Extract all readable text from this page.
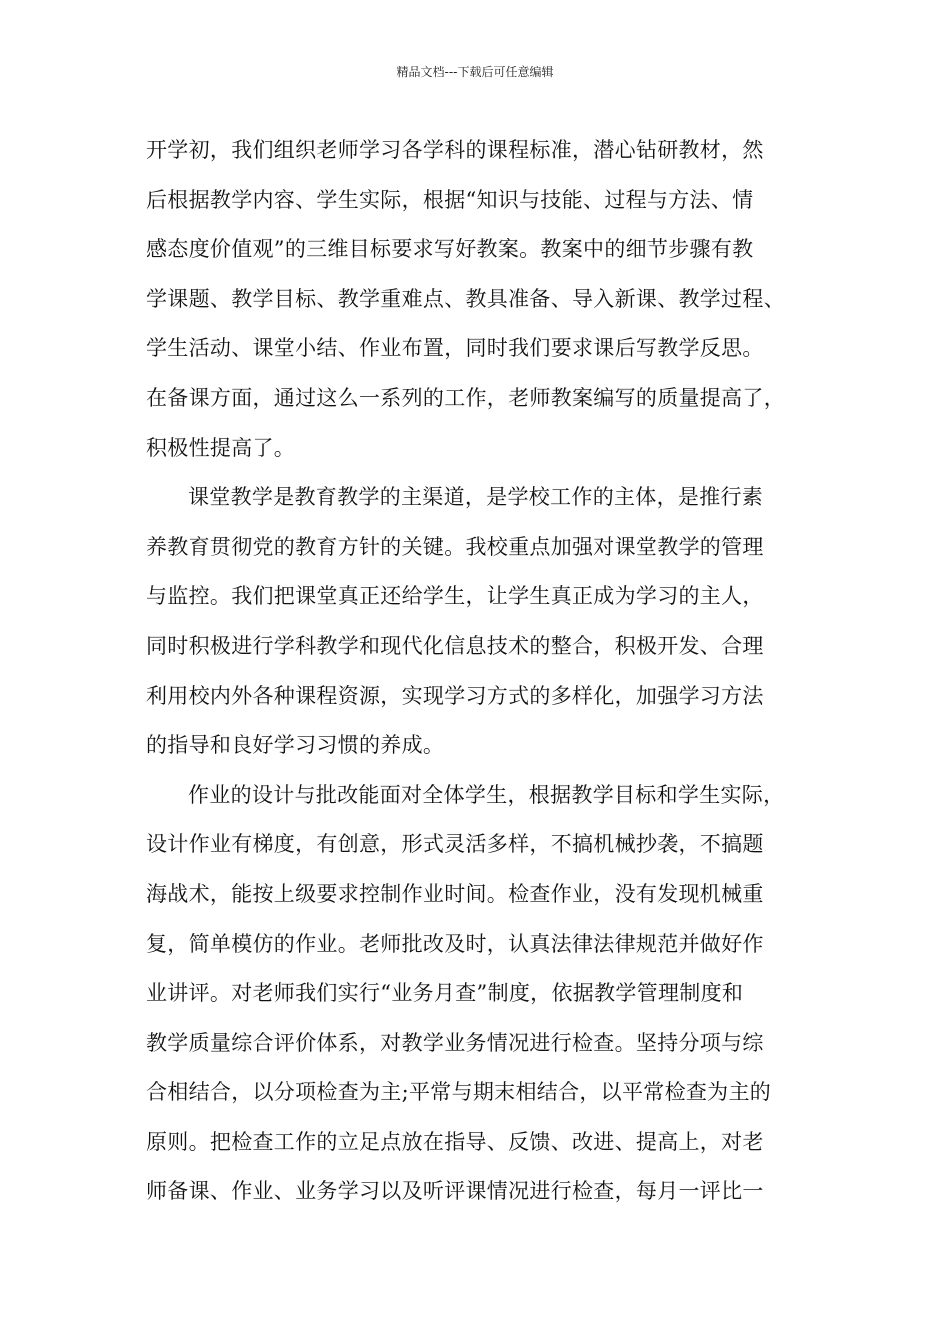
精品文档---下载后可任意编辑
开学初，我们组织老师学习各学科的课程标准，潜心钻研教材，然
后根据教学内容、学生实际，根据“知识与技能、过程与方法、情
感态度价值观”的三维目标要求写好教案。教案中的细节步骤有教
学课题、教学目标、教学重难点、教具准备、导入新课、教学过程、
学生活动、课堂小结、作业布置，同时我们要求课后写教学反思。
在备课方面，通过这么一系列的工作，老师教案编写的质量提高了，
积极性提高了。
课堂教学是教育教学的主渠道，是学校工作的主体，是推行素
养教育贯彻党的教育方针的关键。我校重点加强对课堂教学的管理
与监控。我们把课堂真正还给学生，让学生真正成为学习的主人，
同时积极进行学科教学和现代化信息技术的整合，积极开发、合理
利用校内外各种课程资源，实现学习方式的多样化，加强学习方法
的指导和良好学习习惯的养成。
作业的设计与批改能面对全体学生，根据教学目标和学生实际，
设计作业有梯度，有创意，形式灵活多样，不搞机械抄袭，不搞题
海战术，能按上级要求控制作业时间。检查作业，没有发现机械重
复，简单模仿的作业。老师批改及时，认真法律法律规范并做好作
业讲评。对老师我们实行“业务月查”制度，依据教学管理制度和
教学质量综合评价体系，对教学业务情况进行检查。坚持分项与综
合相结合，以分项检查为主;平常与期末相结合，以平常检查为主的
原则。把检查工作的立足点放在指导、反馈、改进、提高上，对老
师备课、作业、业务学习以及听评课情况进行检查，每月一评比一
